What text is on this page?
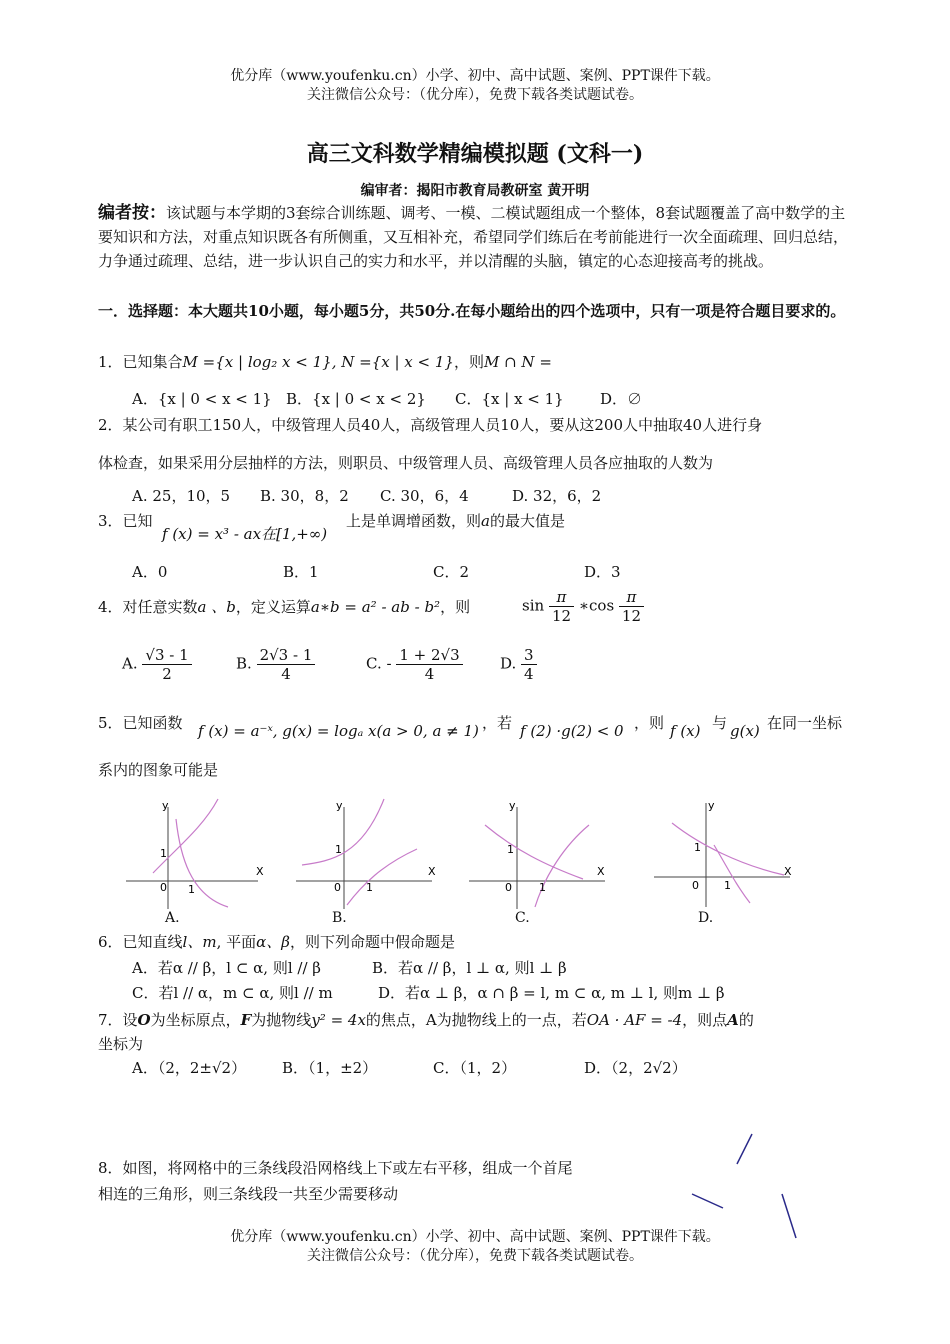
优分库（www.youfenku.cn）小学、初中、高中试题、案例、PPT课件下载。
关注微信公众号：（优分库），免费下载各类试题试卷。
高三文科数学精编模拟题 (文科一)
编审者：揭阳市教育局教研室 黄开明
编者按：该试题与本学期的3套综合训练题、调考、一模、二模试题组成一个整体，8套试题覆盖了高中数学的主要知识和方法，对重点知识既各有所侧重，又互相补充，希望同学们练后在考前能进行一次全面疏理、回归总结，力争通过疏理、总结，进一步认识自己的实力和水平，并以清醒的头脑，镇定的心态迎接高考的挑战。
一．选择题：本大题共10小题，每小题5分，共50分.在每小题给出的四个选项中，只有一项是符合题目要求的。
1．已知集合M ={x | log₂ x < 1}, N ={x | x < 1}，则M ∩ N =
A．{x | 0 < x < 1} B．{x | 0 < x < 2} C．{x | x < 1} D．∅
2．某公司有职工150人，中级管理人员40人，高级管理人员10人，要从这200人中抽取40人进行身
体检查，如果采用分层抽样的方法，则职员、中级管理人员、高级管理人员各应抽取的人数为
A. 25，10，5 B. 30，8，2 C. 30，6，4	D. 32，6，2
3．已知
f (x) = x³ - ax在[1,+∞)
上是单调增函数，则a的最大值是
A．0	B．1	C．2	D．3
4．对任意实数a 、b，定义运算a∗b = a² - ab - b²，则	$\sin \frac{\pi}{12}$ ∗cos $\frac{\pi}{12}$
A. $\frac{√3 - 1}{2}$	B. $\frac{2√3 - 1}{4}$	C. - $\frac{1 + 2√3}{4} D$. $\frac{3}{4}$
5．已知函数 f (x) = a⁻ˣ, g(x) = logₐ x(a > 0, a ≠ 1) ，若 f (2) ·g(2) < 0 ，则 f (x) 与 g(x) 在同一坐标
系内的图象可能是
X
y
1
0 1
A.
X
y
1
0 1
B.
X
y
1
0 1
C.
X
y
1
0 1
D.
6．已知直线l、m, 平面α、β，则下列命题中假命题是
A．若α // β，l ⊂ α, 则l // β	B．若α // β，l ⊥ α, 则l ⊥ β
C．若l // α，m ⊂ α, 则l // m	D．若α ⊥ β，α ∩ β = l, m ⊂ α, m ⊥ l, 则m ⊥ β
7．设O为坐标原点，F为抛物线y² = 4x的焦点，A为抛物线上的一点，若OA · AF = -4，则点A的
坐标为
A．（2，2±√2） B．（1，±2）	C．（1，2）	D．（2，2√2）
8．如图，将网格中的三条线段沿网格线上下或左右平移，组成一个首尾
相连的三角形，则三条线段一共至少需要移动
优分库（www.youfenku.cn）小学、初中、高中试题、案例、PPT课件下载。
关注微信公众号：（优分库），免费下载各类试题试卷。
